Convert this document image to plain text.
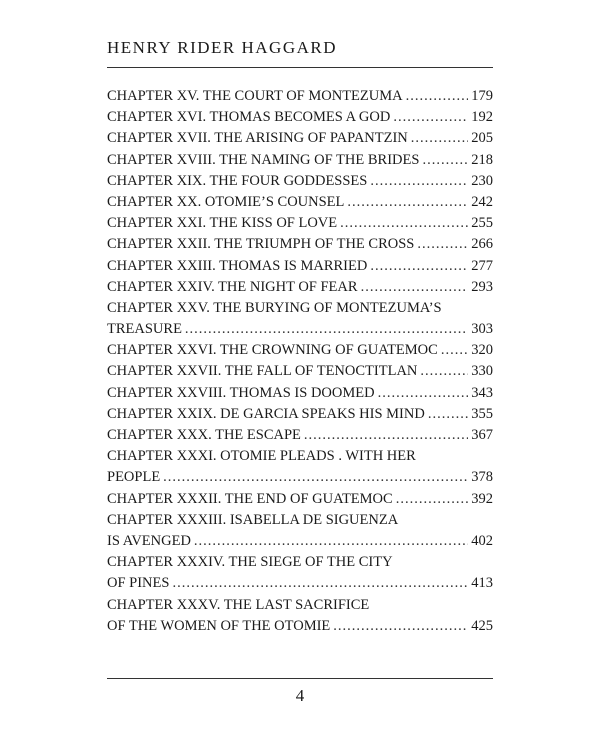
HENRY RIDER HAGGARD
CHAPTER XV. THE COURT OF MONTEZUMA .....	179
CHAPTER XVI. THOMAS BECOMES A GOD .....	192
CHAPTER XVII. THE ARISING OF PAPANTZIN .....	205
CHAPTER XVIII. THE NAMING OF THE BRIDES .....	218
CHAPTER XIX. THE FOUR GODDESSES .....	230
CHAPTER XX. OTOMIE’S COUNSEL .....	242
CHAPTER XXI. THE KISS OF LOVE .....	255
CHAPTER XXII. THE TRIUMPH OF THE CROSS .....	266
CHAPTER XXIII. THOMAS IS MARRIED .....	277
CHAPTER XXIV. THE NIGHT OF FEAR .....	293
CHAPTER XXV. THE BURYING OF MONTEZUMA’S
TREASURE .....	303
CHAPTER XXVI. THE CROWNING OF GUATEMOC ..... 320
CHAPTER XXVII. THE FALL OF TENOCTITLAN .....	330
CHAPTER XXVIII. THOMAS IS DOOMED .....	343
CHAPTER XXIX. DE GARCIA SPEAKS HIS MIND .....	355
CHAPTER XXX. THE ESCAPE .....	367
CHAPTER XXXI. OTOMIE PLEADS . WITH HER
PEOPLE .....	378
CHAPTER XXXII. THE END OF GUATEMOC .....	392
CHAPTER XXXIII. ISABELLA DE SIGUENZA
IS AVENGED .....	402
CHAPTER XXXIV. THE SIEGE OF THE CITY
OF PINES .....	413
CHAPTER XXXV. THE LAST SACRIFICE
OF THE WOMEN OF THE OTOMIE .....	425
4
